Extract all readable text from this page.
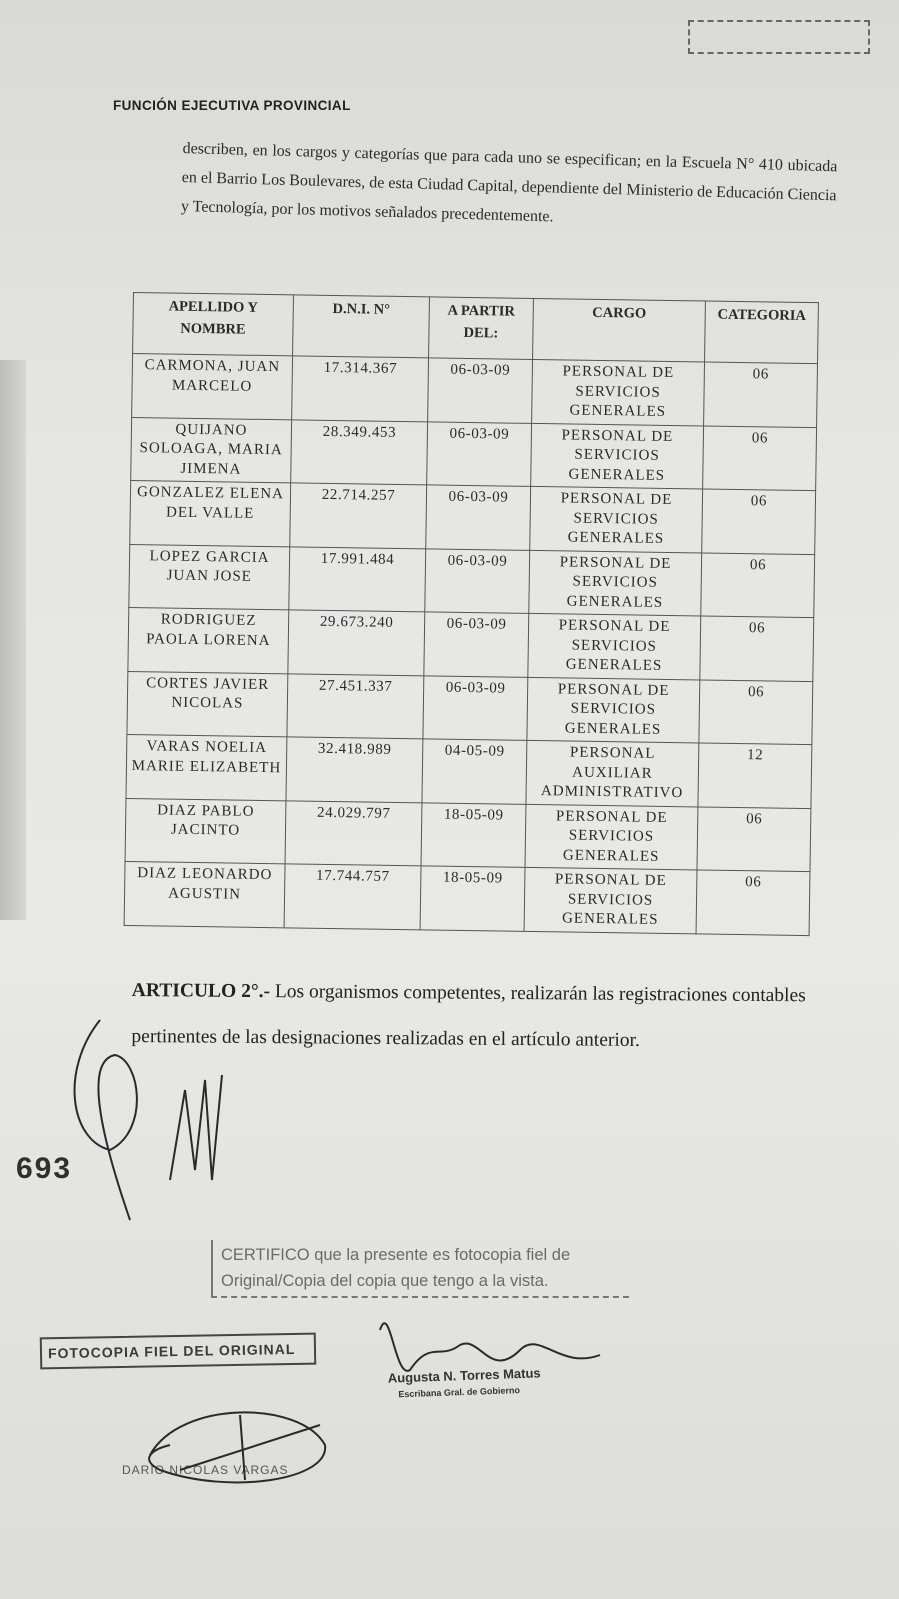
FUNCIÓN EJECUTIVA PROVINCIAL
describen, en los cargos y categorías que para cada uno se especifican; en la Escuela N° 410 ubicada en el Barrio Los Boulevares, de esta Ciudad Capital, dependiente del Ministerio de Educación Ciencia y Tecnología, por los motivos señalados precedentemente.
APELLIDO Y NOMBRE	D.N.I. N°	A PARTIR DEL:	CARGO	CATEGORIA
CARMONA, JUAN MARCELO	17.314.367	06-03-09	PERSONAL DE SERVICIOS GENERALES	06
QUIJANO SOLOAGA, MARIA JIMENA	28.349.453	06-03-09	PERSONAL DE SERVICIOS GENERALES	06
GONZALEZ ELENA DEL VALLE	22.714.257	06-03-09	PERSONAL DE SERVICIOS GENERALES	06
LOPEZ GARCIA JUAN JOSE	17.991.484	06-03-09	PERSONAL DE SERVICIOS GENERALES	06
RODRIGUEZ PAOLA LORENA	29.673.240	06-03-09	PERSONAL DE SERVICIOS GENERALES	06
CORTES JAVIER NICOLAS	27.451.337	06-03-09	PERSONAL DE SERVICIOS GENERALES	06
VARAS NOELIA MARIE ELIZABETH	32.418.989	04-05-09	PERSONAL AUXILIAR ADMINISTRATIVO	12
DIAZ PABLO JACINTO	24.029.797	18-05-09	PERSONAL DE SERVICIOS GENERALES	06
DIAZ LEONARDO AGUSTIN	17.744.757	18-05-09	PERSONAL DE SERVICIOS GENERALES	06
ARTICULO 2°.- Los organismos competentes, realizarán las registraciones contables pertinentes de las designaciones realizadas en el artículo anterior.
693
CERTIFICO que la presente es fotocopia fiel de
Original/Copia del copia que tengo a la vista.
FOTOCOPIA FIEL DEL ORIGINAL
Augusta N. Torres Matus
Escribana Gral. de Gobierno
DARIO NICOLAS VARGAS
